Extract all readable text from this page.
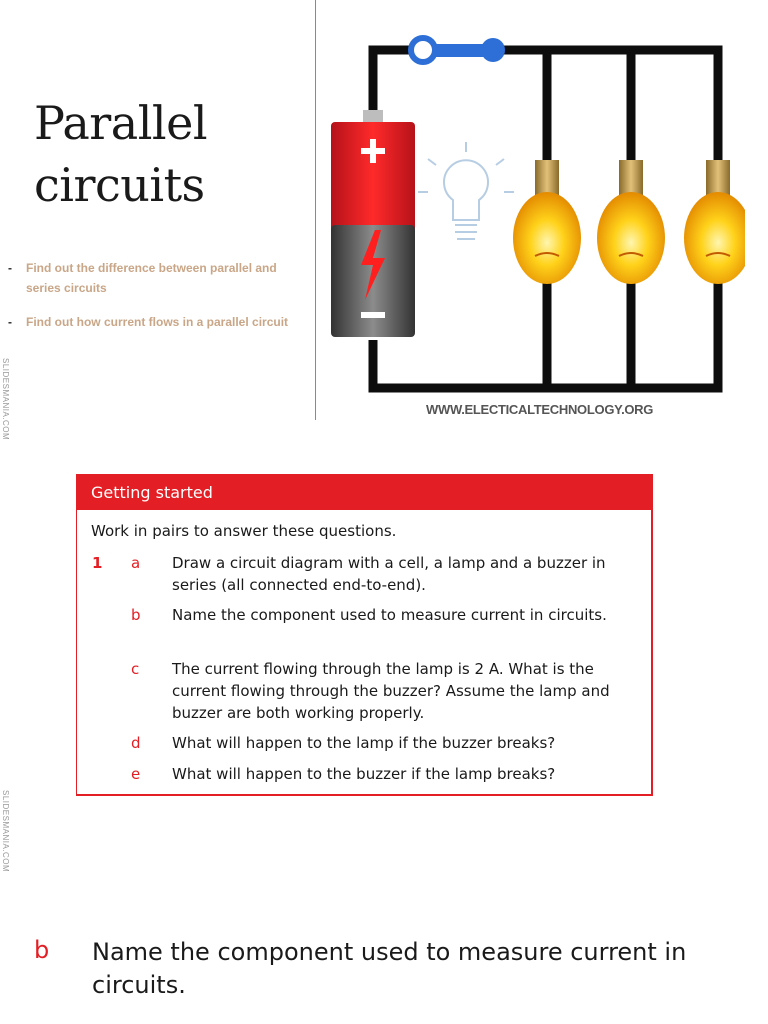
Parallel
circuits
- Find out the difference between parallel and series circuits
- Find out how current flows in a parallel circuit
WWW.ELECTICALTECHNOLOGY.ORG
SLIDESMANIA.COM
SLIDESMANIA.COM
Getting started
Work in pairs to answer these questions.
1 a Draw a circuit diagram with a cell, a lamp and a buzzer in series (all connected end-to-end).
b Name the component used to measure current in circuits.
c The current flowing through the lamp is 2 A. What is the current flowing through the buzzer? Assume the lamp and buzzer are both working properly.
d What will happen to the lamp if the buzzer breaks?
e What will happen to the buzzer if the lamp breaks?
b Name the component used to measure current in circuits.
